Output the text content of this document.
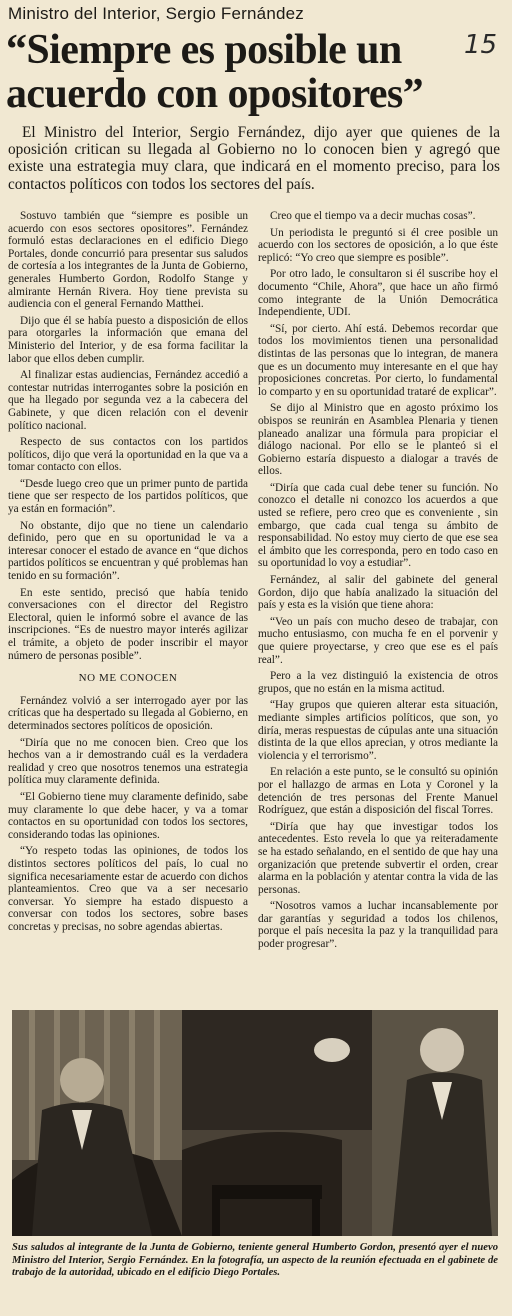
Ministro del Interior, Sergio Fernández
“Siempre es posible un acuerdo con opositores”
15
El Ministro del Interior, Sergio Fernández, dijo ayer que quienes de la oposición critican su llegada al Gobierno no lo conocen bien y agregó que existe una estrategia muy clara, que indicará en el momento preciso, para los contactos políticos con todos los sectores del país.

Sostuvo también que “siempre es posible un acuerdo con esos sectores opositores”. Fernández formuló estas declaraciones en el edificio Diego Portales, donde concurrió para presentar sus saludos de cortesía a los integrantes de la Junta de Gobierno, generales Humberto Gordon, Rodolfo Stange y almirante Hernán Rivera. Hoy tiene prevista su audiencia con el general Fernando Matthei.

Dijo que él se había puesto a disposición de ellos para otorgarles la información que emana del Ministerio del Interior, y de esa forma facilitar la labor que ellos deben cumplir.

Al finalizar estas audiencias, Fernández accedió a contestar nutridas interrogantes sobre la posición en que ha llegado por segunda vez a la cabecera del Gabinete, y que dicen relación con el devenir político nacional.

Respecto de sus contactos con los partidos políticos, dijo que verá la oportunidad en la que va a tomar contacto con ellos.

“Desde luego creo que un primer punto de partida tiene que ser respecto de los partidos políticos, que ya están en formación”.

No obstante, dijo que no tiene un calendario definido, pero que en su oportunidad le va a interesar conocer el estado de avance en “que dichos partidos políticos se encuentran y qué problemas han tenido en su formación”.

En este sentido, precisó que había tenido conversaciones con el director del Registro Electoral, quien le informó sobre el avance de las inscripciones. “Es de nuestro mayor interés agilizar el trámite, a objeto de poder inscribir el mayor número de personas posible”.

NO ME CONOCEN

Fernández volvió a ser interrogado ayer por las críticas que ha despertado su llegada al Gobierno, en determinados sectores políticos de oposición.

“Diría que no me conocen bien. Creo que los hechos van a ir demostrando cuál es la verdadera realidad y creo que nosotros tenemos una estrategia política muy claramente definida.

“El Gobierno tiene muy claramente definido, sabe muy claramente lo que debe hacer, y va a tomar contactos en su oportunidad con todos los sectores, considerando todas las opiniones.

“Yo respeto todas las opiniones, de todos los distintos sectores políticos del país, lo cual no significa necesariamente estar de acuerdo con dichos planteamientos. Creo que va a ser necesario conversar. Yo siempre ha estado dispuesto a conversar con todos los sectores, sobre bases concretas y precisas, no sobre agendas abiertas.

Creo que el tiempo va a decir muchas cosas”.

Un periodista le preguntó si él cree posible un acuerdo con los sectores de oposición, a lo que éste replicó: “Yo creo que siempre es posible”.

Por otro lado, le consultaron si él suscribe hoy el documento “Chile, Ahora”, que hace un año firmó como integrante de la Unión Democrática Independiente, UDI.

“Sí, por cierto. Ahí está. Debemos recordar que todos los movimientos tienen una personalidad distintas de las personas que lo integran, de manera que es un documento muy interesante en el que hay proposiciones concretas. Por cierto, lo fundamental lo comparto y en su oportunidad trataré de explicar”.

Se dijo al Ministro que en agosto próximo los obispos se reunirán en Asamblea Plenaria y tienen planeado analizar una fórmula para propiciar el diálogo nacional. Por ello se le planteó si el Gobierno estaría dispuesto a dialogar a través de ellos.

“Diría que cada cual debe tener su función. No conozco el detalle ni conozco los acuerdos a que usted se refiere, pero creo que es conveniente , sin embargo, que cada cual tenga su ámbito de responsabilidad. No estoy muy cierto de que ese sea el ámbito que les corresponda, pero en todo caso en su oportunidad lo voy a estudiar”.

Fernández, al salir del gabinete del general Gordon, dijo que había analizado la situación del país y esta es la visión que tiene ahora:

“Veo un país con mucho deseo de trabajar, con mucho entusiasmo, con mucha fe en el porvenir y que quiere proyectarse, y creo que ese es el país real”.

Pero a la vez distinguió la existencia de otros grupos, que no están en la misma actitud.

“Hay grupos que quieren alterar esta situación, mediante simples artificios políticos, que son, yo diría, meras respuestas de cúpulas ante una situación distinta de la que ellos aprecian, y otros mediante la violencia y el terrorismo”.

En relación a este punto, se le consultó su opinión por el hallazgo de armas en Lota y Coronel y la detención de tres personas del Frente Manuel Rodríguez, que están a disposición del fiscal Torres.

“Diría que hay que investigar todos los antecedentes. Esto revela lo que ya reiteradamente se ha estado señalando, en el sentido de que hay una organización que pretende subvertir el orden, crear alarma en la población y atentar contra la vida de las personas.

“Nosotros vamos a luchar incansablemente por dar garantías y seguridad a todos los chilenos, porque el país necesita la paz y la tranquilidad para poder progresar”.

Sus saludos al integrante de la Junta de Gobierno, teniente general Humberto Gordon, presentó ayer el nuevo Ministro del Interior, Sergio Fernández. En la fotografía, un aspecto de la reunión efectuada en el gabinete de trabajo de la autoridad, ubicado en el edificio Diego Portales.
